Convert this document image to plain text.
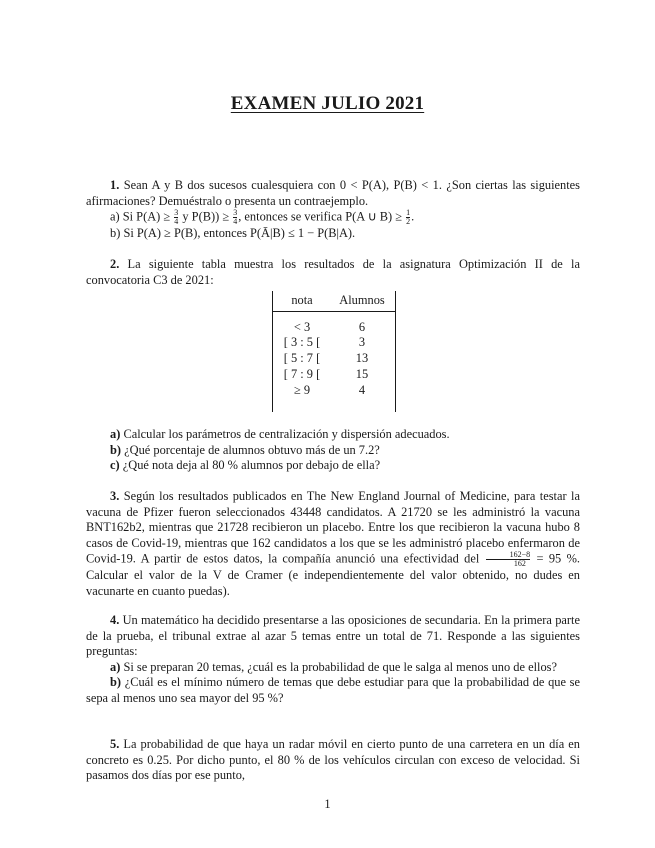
EXAMEN JULIO 2021

1. Sean A y B dos sucesos cualesquiera con 0 < P(A), P(B) < 1. ¿Son ciertas las siguientes afirmaciones? Demuéstralo o presenta un contraejemplo.

a) Si $P(A) \ge \frac{3}{4}$ y $P(B)) \ge \frac{3}{4}$ , entonces se verifica P(A ∪ $B) \ge \frac{1}{2}$ .

b) Si P(A) ≥ P(B), entonces P(Ā|B) ≤ 1 − P(B|A).

2. La siguiente tabla muestra los resultados de la asignatura Optimización II de la convocatoria C3 de 2021:

nota	Alumnos
< 3	6
[ 3 : 5 [	3
[ 5 : 7 [	13
[ 7 : 9 [	15
≥ 9	4

a) Calcular los parámetros de centralización y dispersión adecuados.

b) ¿Qué porcentaje de alumnos obtuvo más de un 7.2?

c) ¿Qué nota deja al 80 % alumnos por debajo de ella?

3. Según los resultados publicados en The New England Journal of Medicine, para testar la vacuna de Pfizer fueron seleccionados 43448 candidatos. A 21720 se les administró la vacuna BNT162b2, mientras que 21728 recibieron un placebo. Entre los que recibieron la vacuna hubo 8 casos de Covid-19, mientras que 162 candidatos a los que se les administró placebo enfermaron de Covid-19. A partir de estos datos, la compañía anunció una efectividad del $\frac{162-8}{162} = 95$ %. Calcular el valor de la V de Cramer (e independientemente del valor obtenido, no dudes en vacunarte en cuanto puedas).

4. Un matemático ha decidido presentarse a las oposiciones de secundaria. En la primera parte de la prueba, el tribunal extrae al azar 5 temas entre un total de 71. Responde a las siguientes preguntas:

a) Si se preparan 20 temas, ¿cuál es la probabilidad de que le salga al menos uno de ellos?

b) ¿Cuál es el mínimo número de temas que debe estudiar para que la probabilidad de que se sepa al menos uno sea mayor del 95 %?

5. La probabilidad de que haya un radar móvil en cierto punto de una carretera en un día en concreto es 0.25. Por dicho punto, el 80 % de los vehículos circulan con exceso de velocidad. Si pasamos dos días por ese punto,

1
